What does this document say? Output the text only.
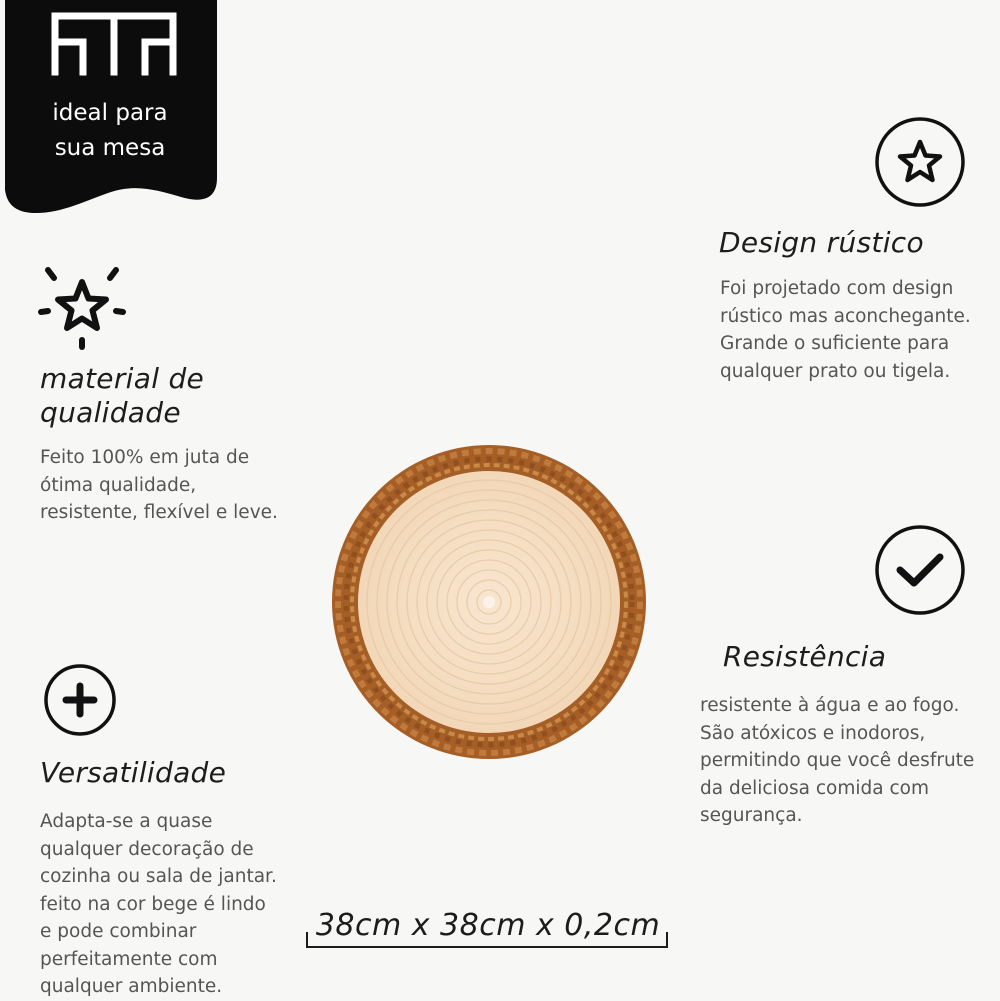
ideal para
sua mesa
material de
qualidade
Feito 100% em juta de
ótima qualidade,
resistente, flexível e leve.
Versatilidade
Adapta-se a quase
qualquer decoração de
cozinha ou sala de jantar.
feito na cor bege é lindo
e pode combinar
perfeitamente com
qualquer ambiente.
Design rústico
Foi projetado com design
rústico mas aconchegante.
Grande o suficiente para
qualquer prato ou tigela.
Resistência
resistente à água e ao fogo.
São atóxicos e inodoros,
permitindo que você desfrute
da deliciosa comida com
segurança.
38cm x 38cm x 0,2cm
